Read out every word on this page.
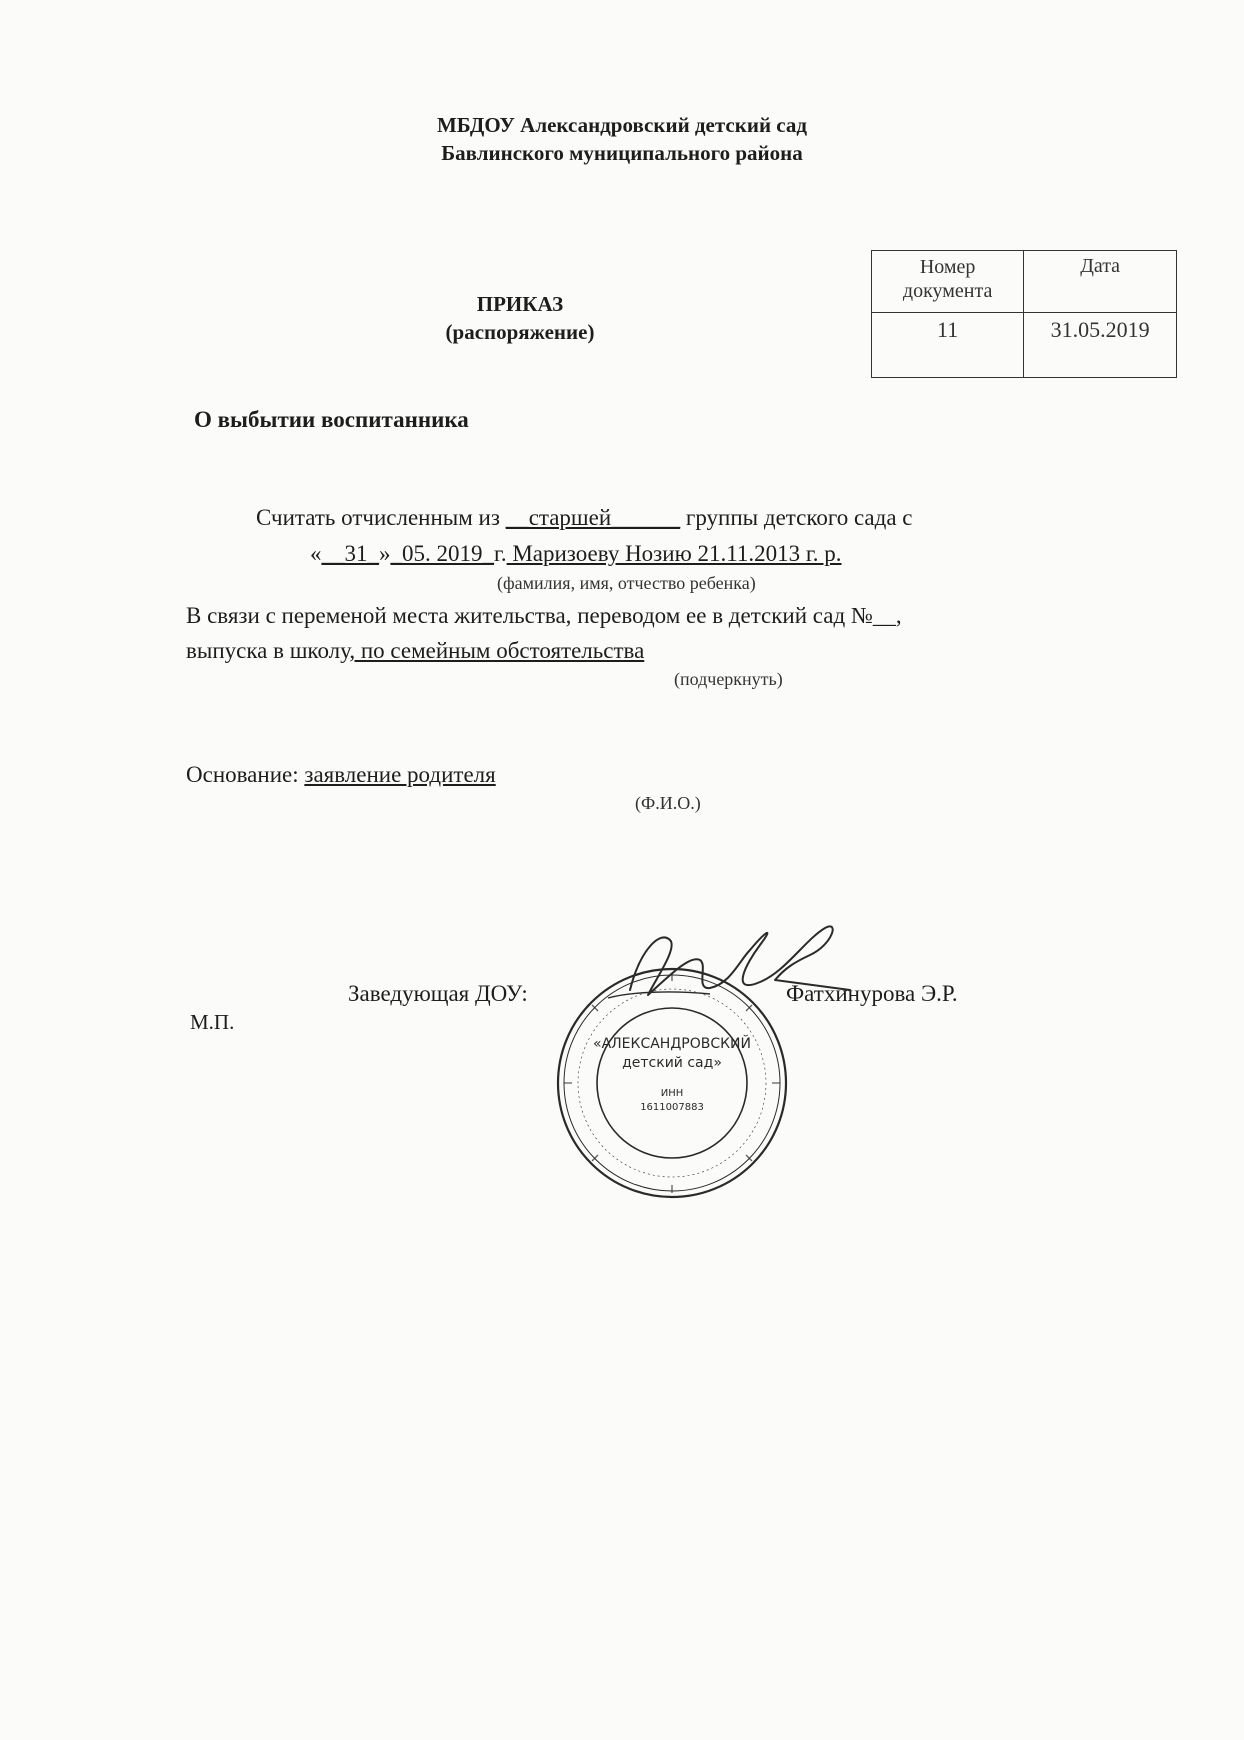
МБДОУ Александровский детский сад
Бавлинского муниципального района
ПРИКАЗ
(распоряжение)
Номер документа	Дата
11	31.05.2019
О выбытии воспитанника
Считать отчисленным из __старшей______ группы детского сада с
«__31_»_05. 2019_г. Маризоеву Нозию 21.11.2013 г. р.
(фамилия, имя, отчество ребенка)
В связи с переменой места жительства, переводом ее в детский сад №__,
выпуска в школу, по семейным обстоятельства
(подчеркнуть)
Основание: заявление родителя
(Ф.И.О.)
Заведующая ДОУ:	Фатхинурова Э.Р.
М.П.
«АЛЕКСАНДРОВСКИЙ
детский сад»
ИНН
1611007883
